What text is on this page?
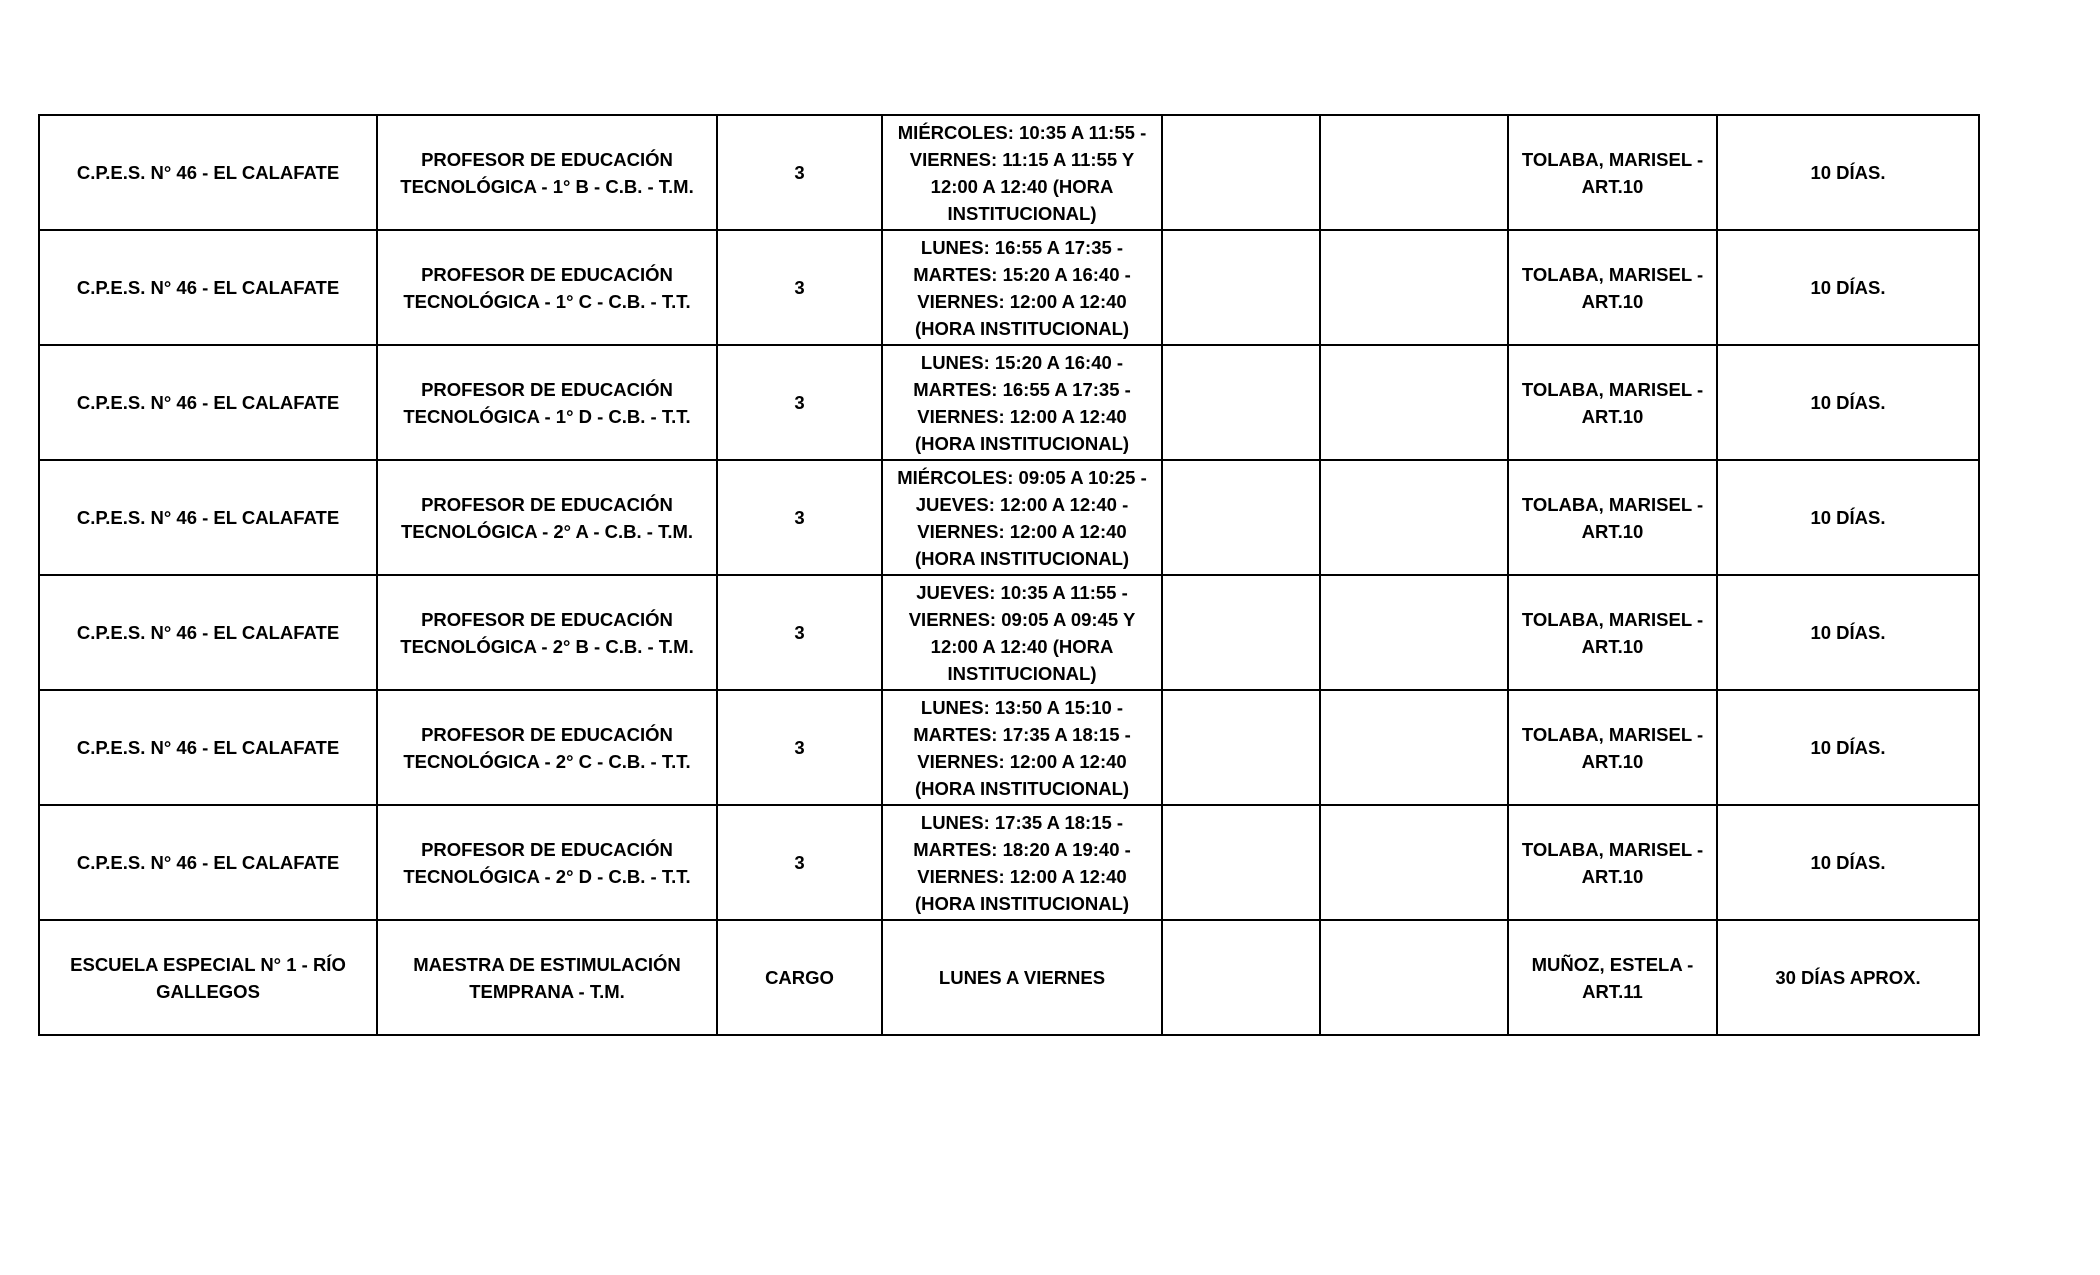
C.P.E.S. N° 46 - EL CALAFATE	PROFESOR DE EDUCACIÓN TECNOLÓGICA - 1° B - C.B. - T.M.	3	MIÉRCOLES: 10:35 A 11:55 - VIERNES: 11:15 A 11:55 Y 12:00 A 12:40 (HORA INSTITUCIONAL)			TOLABA, MARISEL - ART.10	10 DÍAS.
C.P.E.S. N° 46 - EL CALAFATE	PROFESOR DE EDUCACIÓN TECNOLÓGICA - 1° C - C.B. - T.T.	3	LUNES: 16:55 A 17:35 - MARTES: 15:20 A 16:40 - VIERNES: 12:00 A 12:40 (HORA INSTITUCIONAL)			TOLABA, MARISEL - ART.10	10 DÍAS.
C.P.E.S. N° 46 - EL CALAFATE	PROFESOR DE EDUCACIÓN TECNOLÓGICA - 1° D - C.B. - T.T.	3	LUNES: 15:20 A 16:40 - MARTES: 16:55 A 17:35 - VIERNES: 12:00 A 12:40 (HORA INSTITUCIONAL)			TOLABA, MARISEL - ART.10	10 DÍAS.
C.P.E.S. N° 46 - EL CALAFATE	PROFESOR DE EDUCACIÓN TECNOLÓGICA - 2° A - C.B. - T.M.	3	MIÉRCOLES: 09:05 A 10:25 - JUEVES: 12:00 A 12:40 - VIERNES: 12:00 A 12:40 (HORA INSTITUCIONAL)			TOLABA, MARISEL - ART.10	10 DÍAS.
C.P.E.S. N° 46 - EL CALAFATE	PROFESOR DE EDUCACIÓN TECNOLÓGICA - 2° B - C.B. - T.M.	3	JUEVES: 10:35 A 11:55 - VIERNES: 09:05 A 09:45 Y 12:00 A 12:40 (HORA INSTITUCIONAL)			TOLABA, MARISEL - ART.10	10 DÍAS.
C.P.E.S. N° 46 - EL CALAFATE	PROFESOR DE EDUCACIÓN TECNOLÓGICA - 2° C - C.B. - T.T.	3	LUNES: 13:50 A 15:10 - MARTES: 17:35 A 18:15 - VIERNES: 12:00 A 12:40 (HORA INSTITUCIONAL)			TOLABA, MARISEL - ART.10	10 DÍAS.
C.P.E.S. N° 46 - EL CALAFATE	PROFESOR DE EDUCACIÓN TECNOLÓGICA - 2° D - C.B. - T.T.	3	LUNES: 17:35 A 18:15 - MARTES: 18:20 A 19:40 - VIERNES: 12:00 A 12:40 (HORA INSTITUCIONAL)			TOLABA, MARISEL - ART.10	10 DÍAS.
ESCUELA ESPECIAL N° 1 - RÍO GALLEGOS	MAESTRA DE ESTIMULACIÓN TEMPRANA - T.M.	CARGO	LUNES A VIERNES			MUÑOZ, ESTELA - ART.11	30 DÍAS APROX.
